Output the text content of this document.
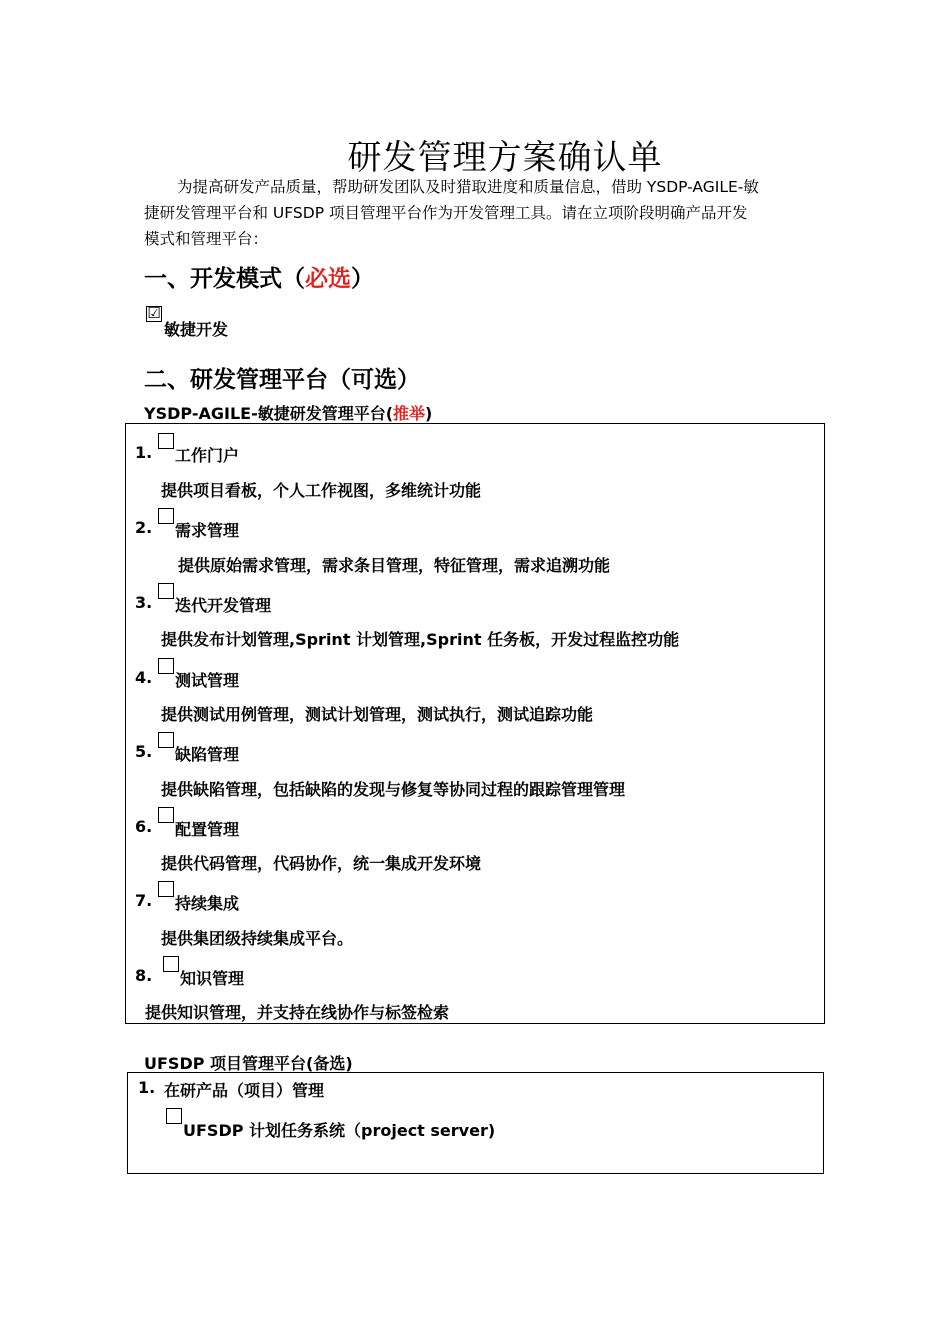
研发管理方案确认单

为提高研发产品质量，帮助研发团队及时猎取进度和质量信息，借助 YSDP-AGILE-敏

捷研发管理平台和 UFSDP 项目管理平台作为开发管理工具。请在立项阶段明确产品开发

模式和管理平台：

一、开发模式（必选）
☑
敏捷开发
二、研发管理平台（可选）
YSDP-AGILE-敏捷研发管理平台(推举)
1. 工作门户
提供项目看板，个人工作视图，多维统计功能
2. 需求管理
提供原始需求管理，需求条目管理，特征管理，需求追溯功能
3. 迭代开发管理
提供发布计划管理,Sprint 计划管理,Sprint 任务板，开发过程监控功能
4. 测试管理
提供测试用例管理，测试计划管理，测试执行，测试追踪功能
5. 缺陷管理
提供缺陷管理，包括缺陷的发现与修复等协同过程的跟踪管理管理
6. 配置管理
提供代码管理，代码协作，统一集成开发环境
7. 持续集成
提供集团级持续集成平台。
8. 知识管理
提供知识管理，并支持在线协作与标签检索
UFSDP 项目管理平台(备选)
1. 在研产品（项目）管理
UFSDP 计划任务系统（project server)
